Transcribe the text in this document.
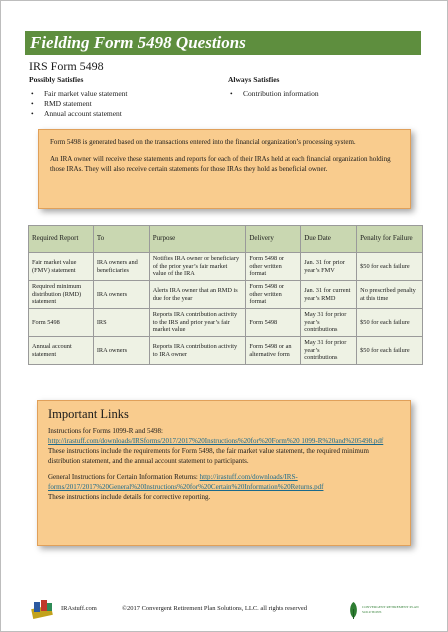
Fielding Form 5498 Questions
IRS Form 5498
Possibly Satisfies
• Fair market value statement
• RMD statement
• Annual account statement
Always Satisfies
• Contribution information

Form 5498 is generated based on the transactions entered into the financial organization’s processing system.

An IRA owner will receive these statements and reports for each of their IRAs held at each financial organization holding those IRAs. They will also receive certain statements for those IRAs they hold as beneficial owner.

Required Report	To	Purpose	Delivery	Due Date	Penalty for Failure
Fair market value (FMV) statement	IRA owners and beneficiaries	Notifies IRA owner or beneficiary of the prior year’s fair market value of the IRA	Form 5498 or other written format	Jan. 31 for prior year’s FMV	$50 for each failure
Required minimum distribution (RMD) statement	IRA owners	Alerts IRA owner that an RMD is due for the year	Form 5498 or other written format	Jan. 31 for current year’s RMD	No prescribed penalty at this time
Form 5498	IRS	Reports IRA contribution activity to the IRS and prior year’s fair market value	Form 5498	May 31 for prior year’s contributions	$50 for each failure
Annual account statement	IRA owners	Reports IRA contribution activity to IRA owner	Form 5498 or an alternative form	May 31 for prior year’s contributions	$50 for each failure
Important Links

Instructions for Forms 1099-R and 5498:
http://irastuff.com/downloads/IRSforms/2017/2017%20Instructions%20for%20Form%20 1099-R%20and%205498.pdf
These instructions include the requirements for Form 5498, the fair market value statement, the required minimum distribution statement, and the annual account statement to participants.

General Instructions for Certain Information Returns: http://irastuff.com/downloads/IRS-forms/2017/2017%20General%20Instructions%20for%20Certain%20Information%20Returns.pdf
These instructions include details for corrective reporting.

IRAstuff.com	©2017 Convergent Retirement Plan Solutions, LLC. all rights reserved	CONVERGENT RETIREMENT PLAN SOLUTIONS
